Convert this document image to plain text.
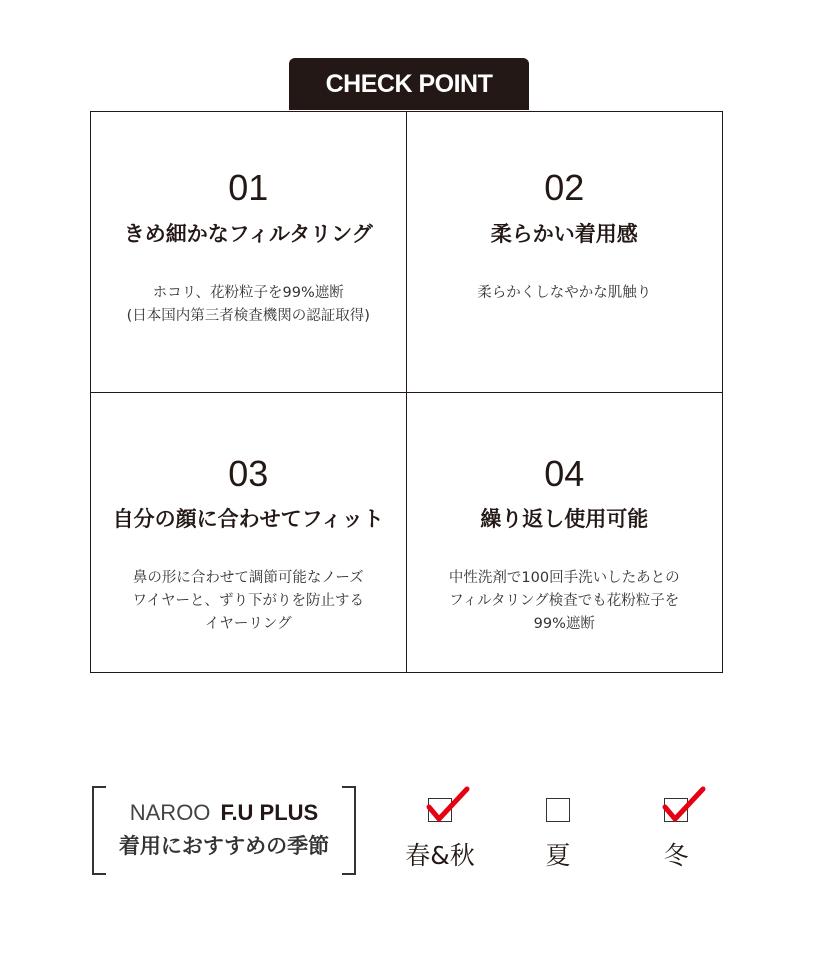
CHECK POINT
01
きめ細かなフィルタリング
ホコリ、花粉粒子を99%遮断
(日本国内第三者検査機関の認証取得)
02
柔らかい着用感
柔らかくしなやかな肌触り
03
自分の顔に合わせてフィット
鼻の形に合わせて調節可能なノーズ
ワイヤーと、ずり下がりを防止する
イヤーリング
04
繰り返し使用可能
中性洗剤で100回手洗いしたあとの
フィルタリング検査でも花粉粒子を
99%遮断
NAROO F.U PLUS
着用におすすめの季節	春&秋	夏	冬
